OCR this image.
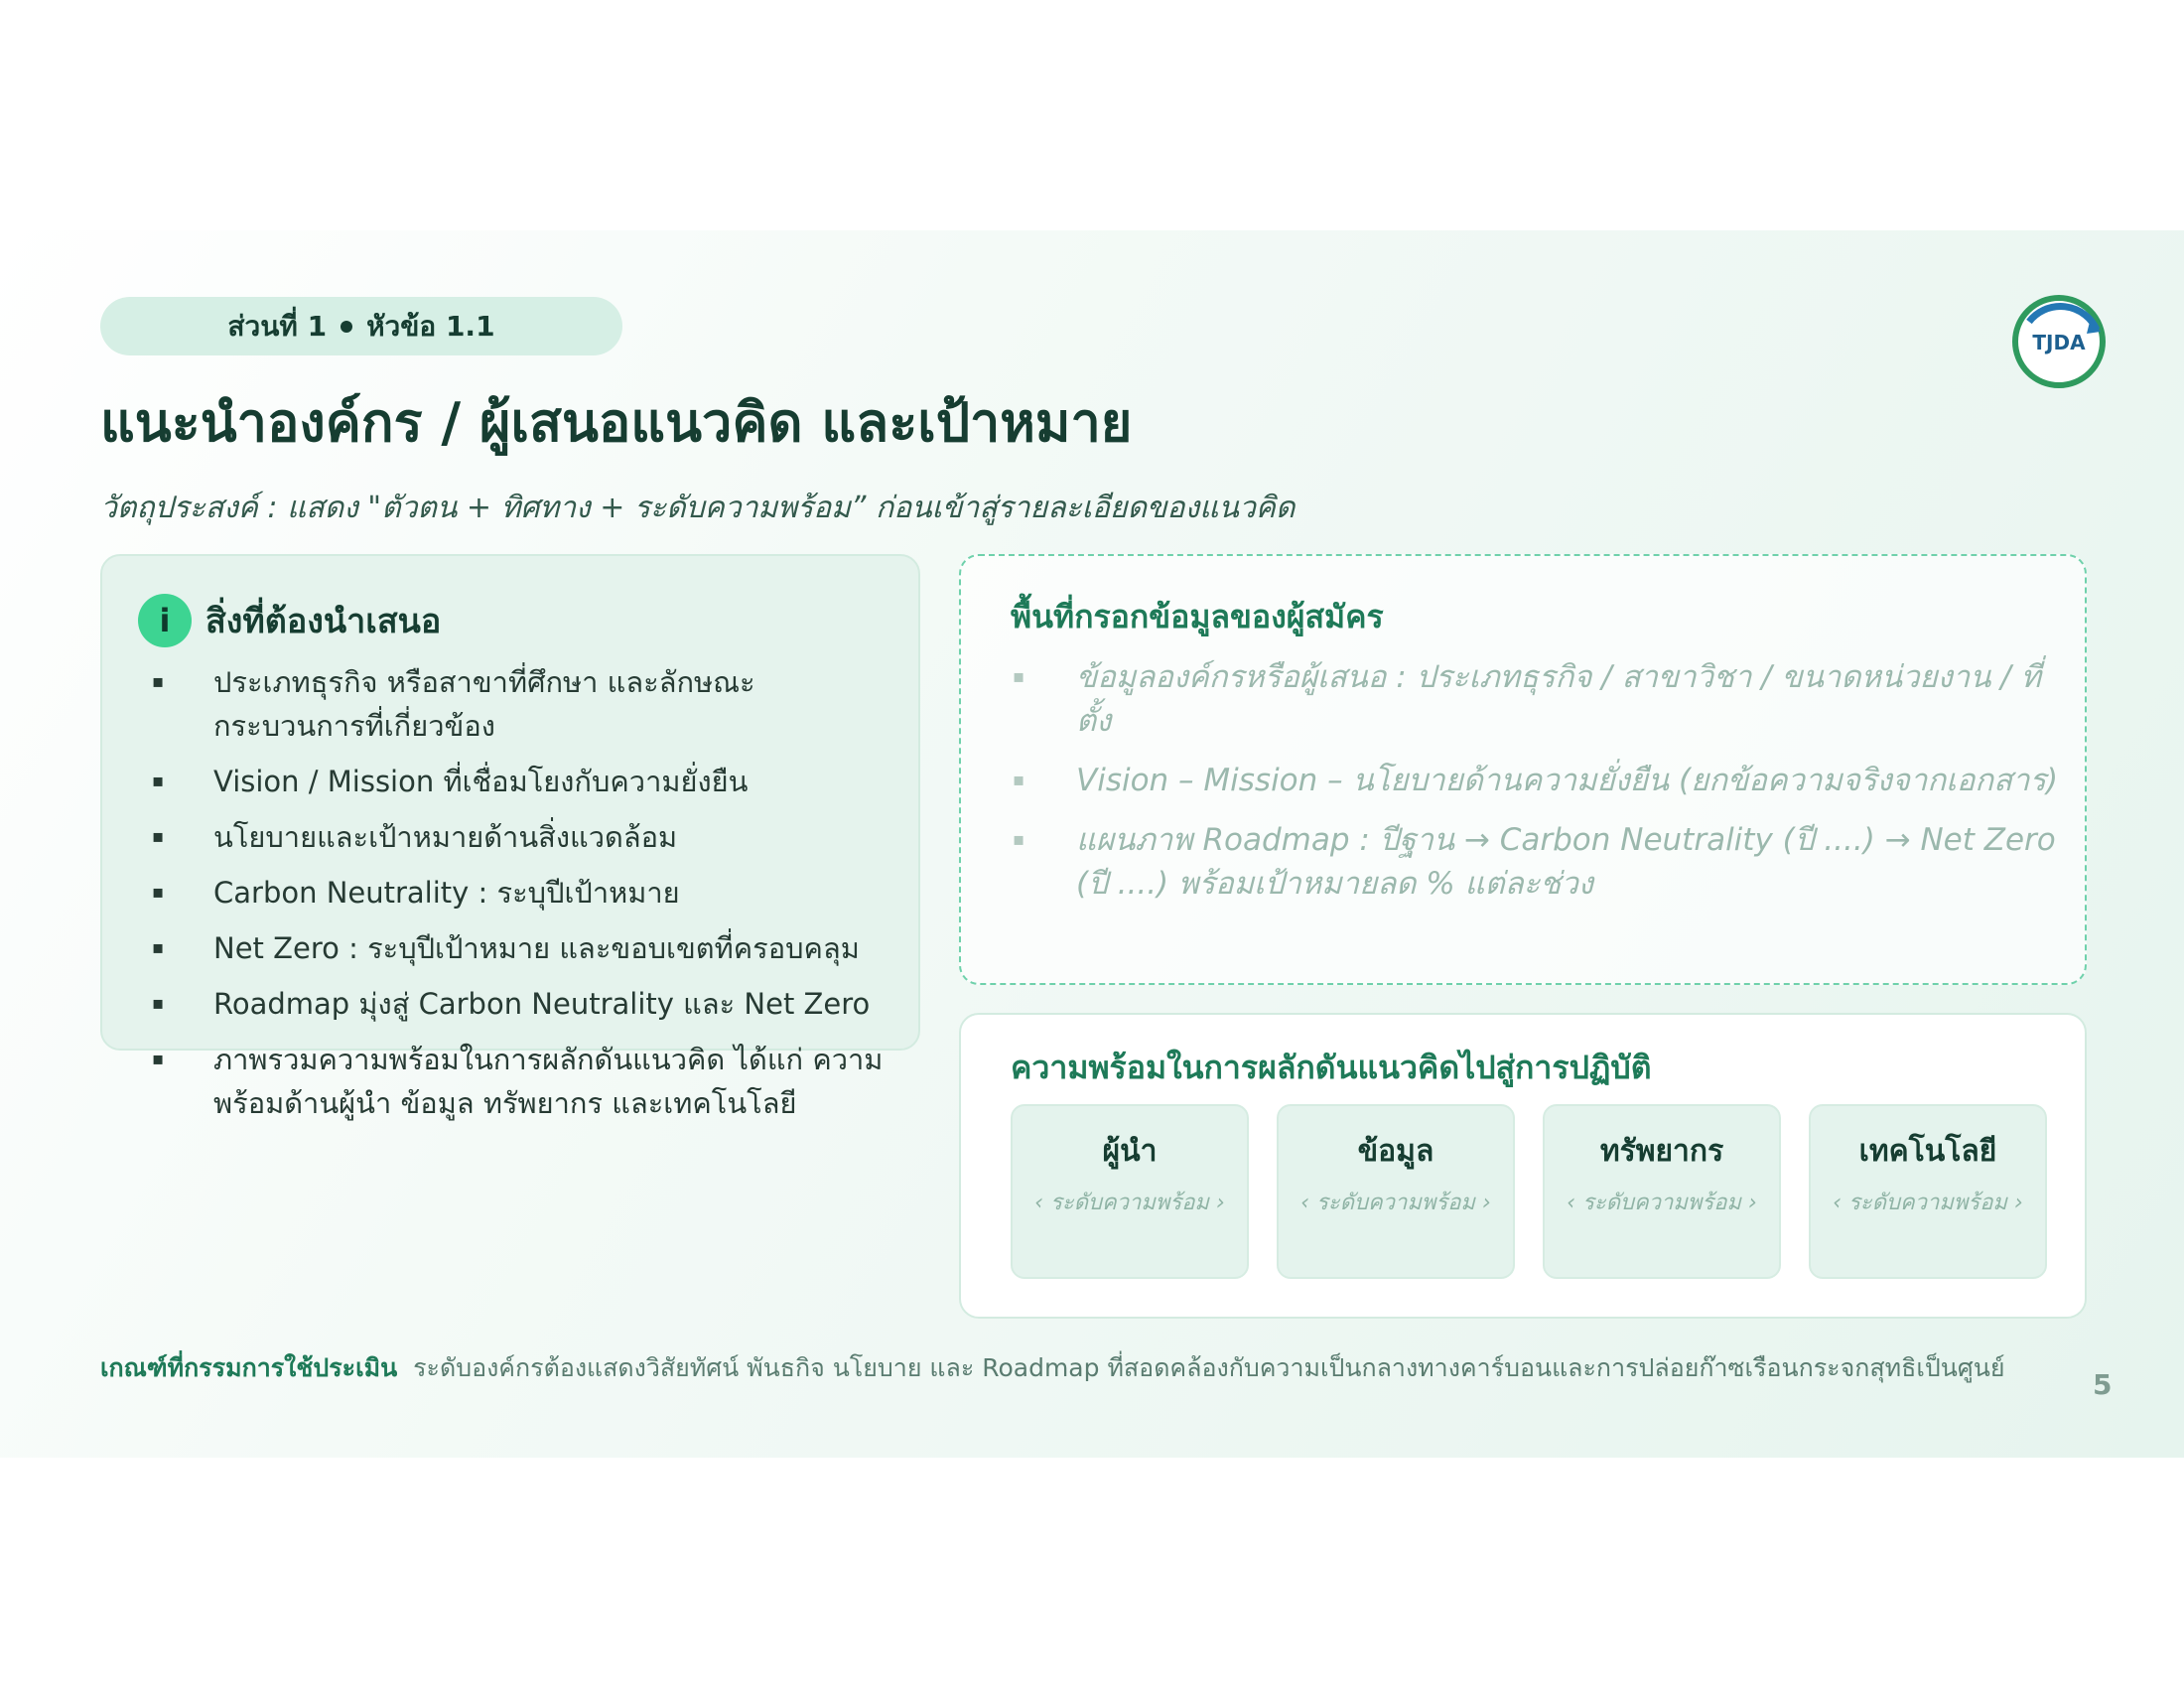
ส่วนที่ 1 หัวข้อ 1.1
TJDA
แนะนำองค์กร / ผู้เสนอแนวคิด และเป้าหมาย
วัตถุประสงค์ : แสดง "ตัวตน + ทิศทาง + ระดับความพร้อม” ก่อนเข้าสู่รายละเอียดของแนวคิด
i	สิ่งที่ต้องนำเสนอ
▪ ประเภทธุรกิจ หรือสาขาที่ศึกษา และลักษณะกระบวนการที่เกี่ยวข้อง
▪ Vision / Mission ที่เชื่อมโยงกับความยั่งยืน
▪ นโยบายและเป้าหมายด้านสิ่งแวดล้อม
▪ Carbon Neutrality : ระบุปีเป้าหมาย
▪ Net Zero : ระบุปีเป้าหมาย และขอบเขตที่ครอบคลุม
▪ Roadmap มุ่งสู่ Carbon Neutrality และ Net Zero
▪ ภาพรวมความพร้อมในการผลักดันแนวคิด ได้แก่ ความพร้อมด้านผู้นำ ข้อมูล ทรัพยากร และเทคโนโลยี
พื้นที่กรอกข้อมูลของผู้สมัคร
▪ ข้อมูลองค์กรหรือผู้เสนอ : ประเภทธุรกิจ / สาขาวิชา / ขนาดหน่วยงาน / ที่ตั้ง
▪ Vision – Mission – นโยบายด้านความยั่งยืน (ยกข้อความจริงจากเอกสาร)
▪ แผนภาพ Roadmap : ปีฐาน → Carbon Neutrality (ปี ....) → Net Zero (ปี ....) พร้อมเป้าหมายลด % แต่ละช่วง
ความพร้อมในการผลักดันแนวคิดไปสู่การปฏิบัติ
ผู้นำ
‹ ระดับความพร้อม ›
ข้อมูล
‹ ระดับความพร้อม ›
ทรัพยากร
‹ ระดับความพร้อม ›
เทคโนโลยี
‹ ระดับความพร้อม ›
เกณฑ์ที่กรรมการใช้ประเมิน ระดับองค์กรต้องแสดงวิสัยทัศน์ พันธกิจ นโยบาย และ Roadmap ที่สอดคล้องกับความเป็นกลางทางคาร์บอนและการปล่อยก๊าซเรือนกระจกสุทธิเป็นศูนย์
5
